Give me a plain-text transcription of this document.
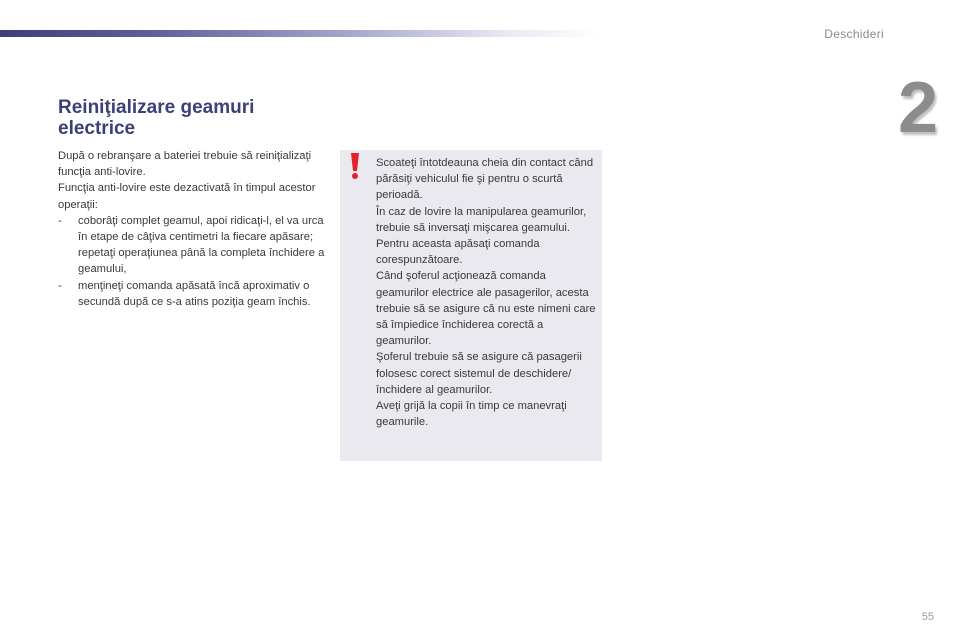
Deschideri
2
Reiniţializare geamuri
electrice

După o rebranşare a bateriei trebuie să reiniţializaţi funcţia anti-lovire.

Funcţia anti-lovire este dezactivată în timpul acestor operaţii:

- coborâţi complet geamul, apoi ridicaţi-l, el va urca în etape de câţiva centimetri la fiecare apăsare; repetaţi operaţiunea până la completa închidere a geamului,
- menţineţi comanda apăsată încă aproximativ o secundă după ce s-a atins poziţia geam închis.

Scoateţi întotdeauna cheia din contact când părăsiţi vehiculul fie şi pentru o scurtă perioadă.

În caz de lovire la manipularea geamurilor, trebuie să inversaţi mişcarea geamului. Pentru aceasta apăsaţi comanda corespunzătoare.

Când şoferul acţionează comanda geamurilor electrice ale pasagerilor, acesta trebuie să se asigure că nu este nimeni care să împiedice închiderea corectă a geamurilor.

Şoferul trebuie să se asigure că pasagerii folosesc corect sistemul de deschidere/închidere al geamurilor.

Aveţi grijă la copii în timp ce manevraţi geamurile.

55
